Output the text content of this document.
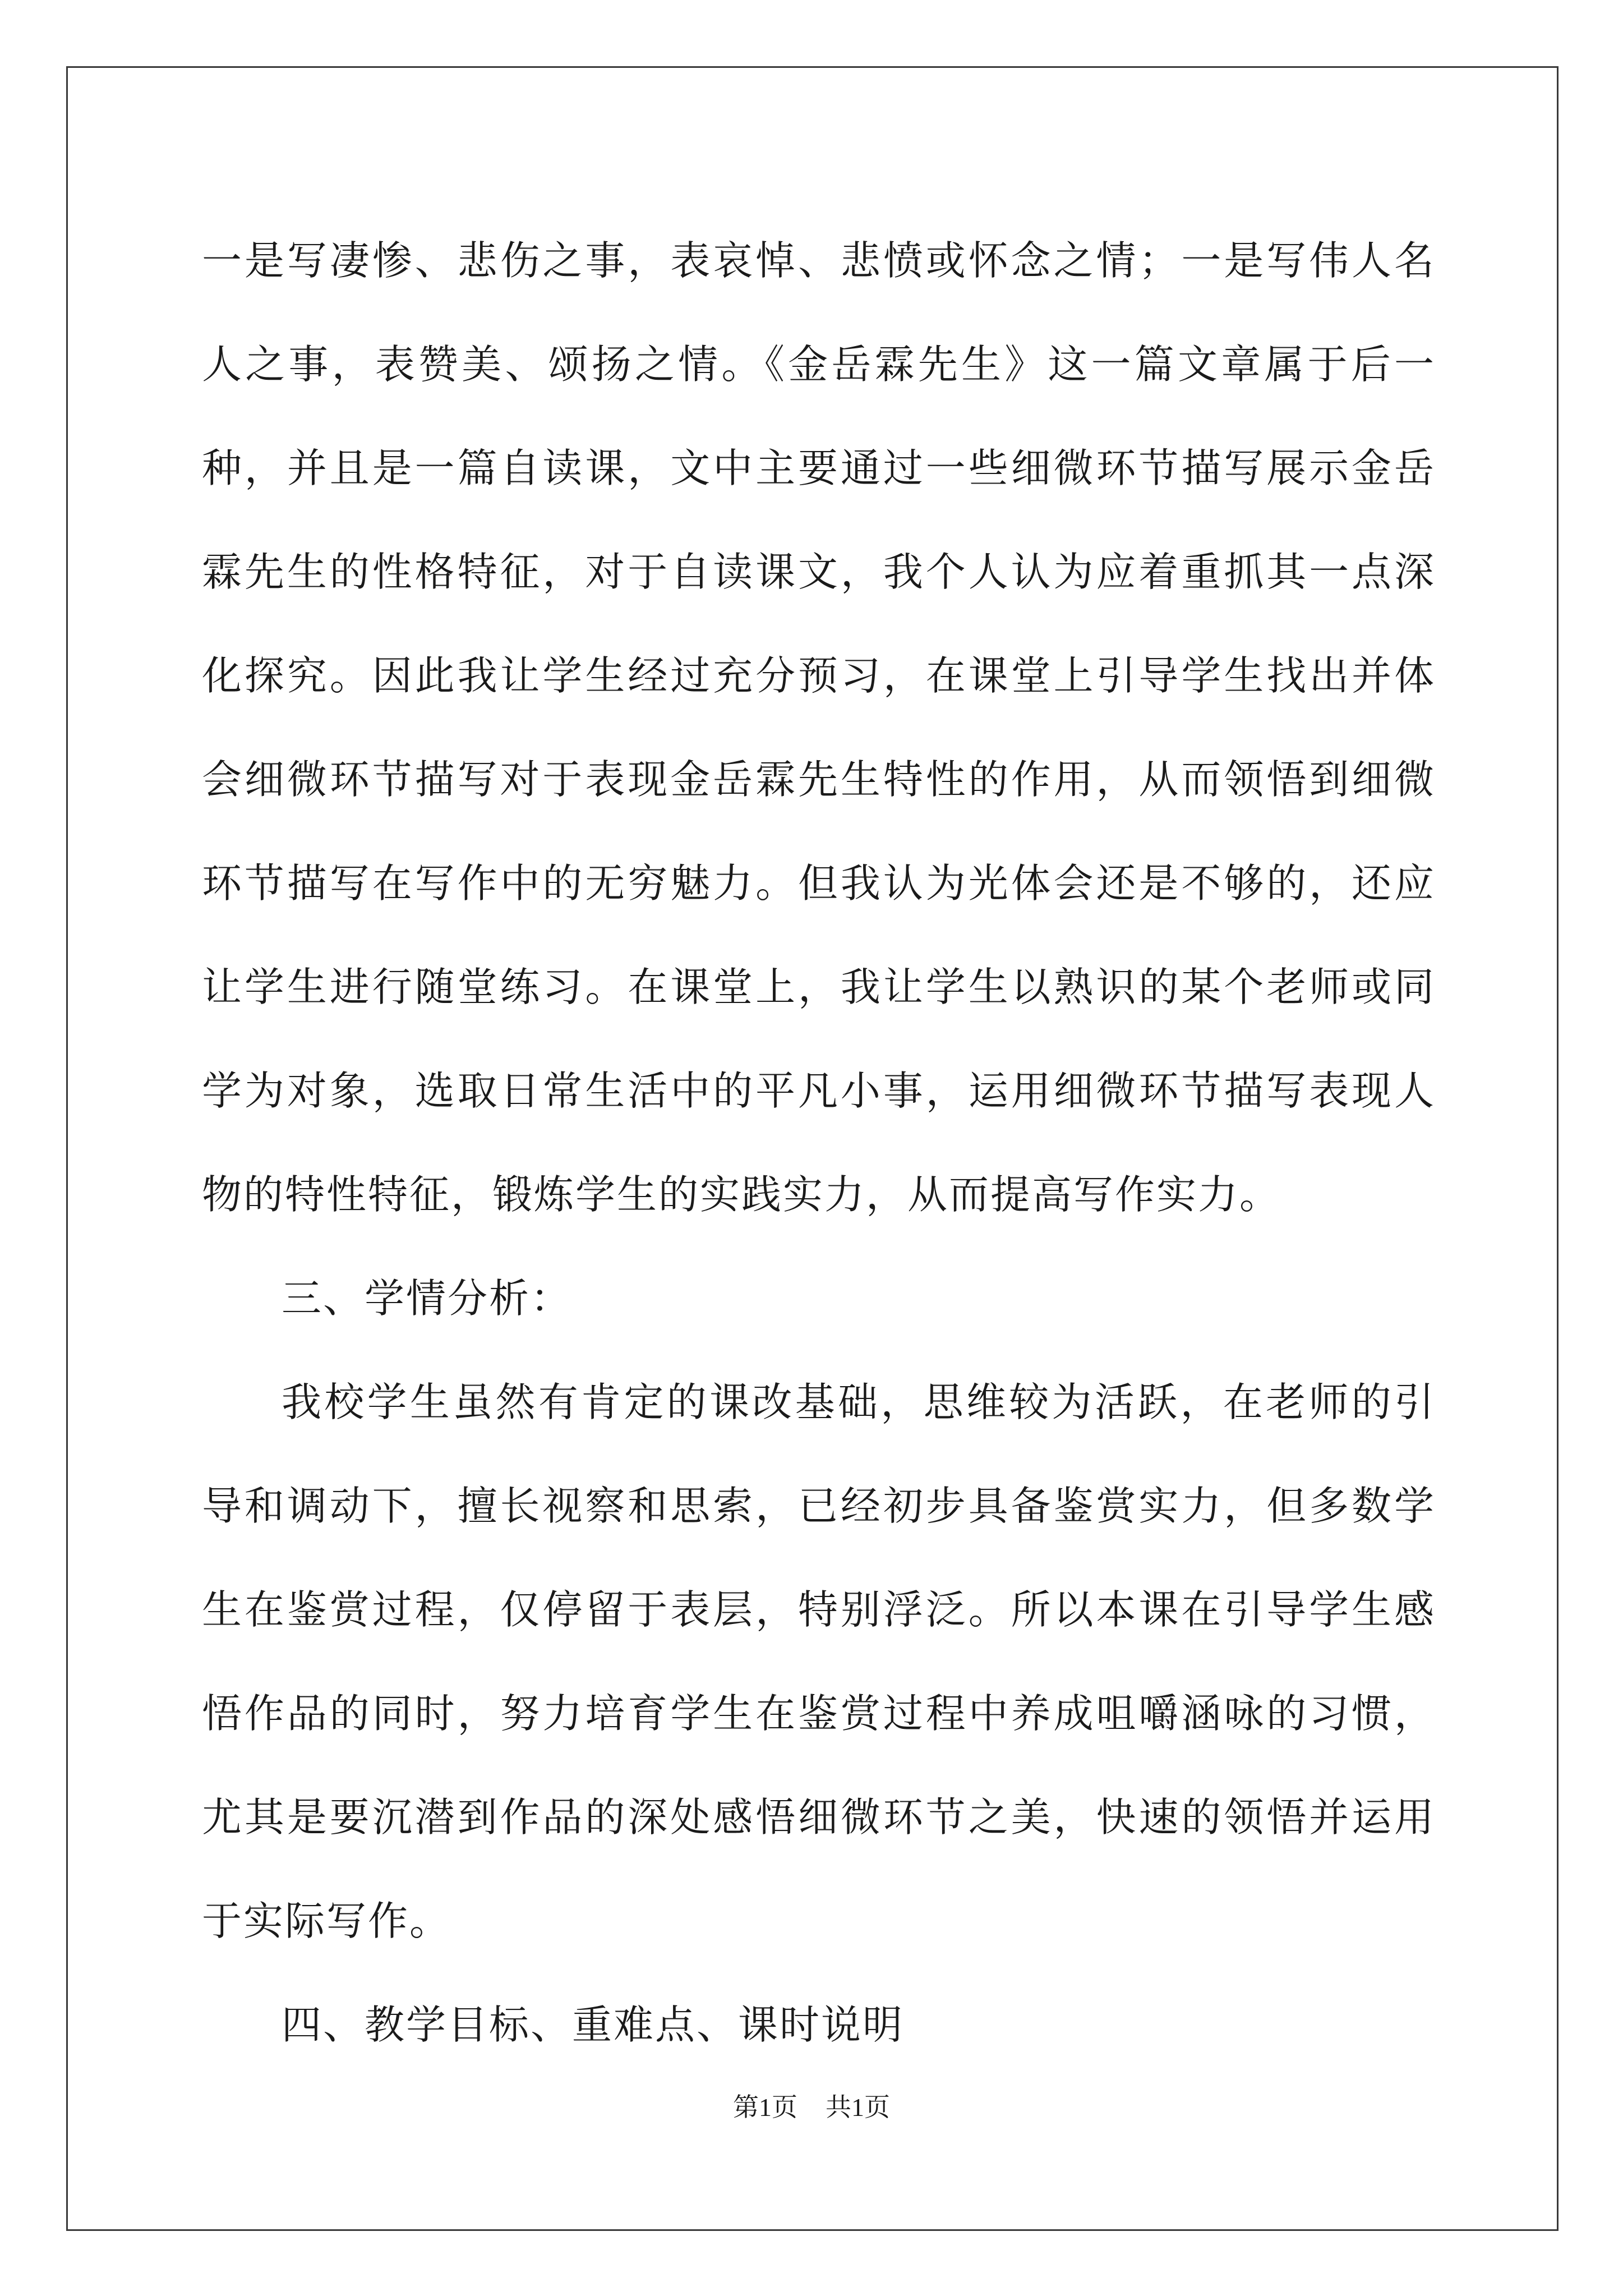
一是写凄惨、悲伤之事，表哀悼、悲愤或怀念之情；一是写伟人名人之事，表赞美、颂扬之情。《金岳霖先生》这一篇文章属于后一种，并且是一篇自读课，文中主要通过一些细微环节描写展示金岳霖先生的性格特征，对于自读课文，我个人认为应着重抓其一点深化探究。因此我让学生经过充分预习，在课堂上引导学生找出并体会细微环节描写对于表现金岳霖先生特性的作用，从而领悟到细微环节描写在写作中的无穷魅力。但我认为光体会还是不够的，还应让学生进行随堂练习。在课堂上，我让学生以熟识的某个老师或同学为对象，选取日常生活中的平凡小事，运用细微环节描写表现人物的特性特征，锻炼学生的实践实力，从而提高写作实力。

三、学情分析：

我校学生虽然有肯定的课改基础，思维较为活跃，在老师的引导和调动下，擅长视察和思索，已经初步具备鉴赏实力，但多数学生在鉴赏过程，仅停留于表层，特别浮泛。所以本课在引导学生感悟作品的同时，努力培育学生在鉴赏过程中养成咀嚼涵咏的习惯，尤其是要沉潜到作品的深处感悟细微环节之美，快速的领悟并运用于实际写作。

四、教学目标、重难点、课时说明

第1页 共1页
